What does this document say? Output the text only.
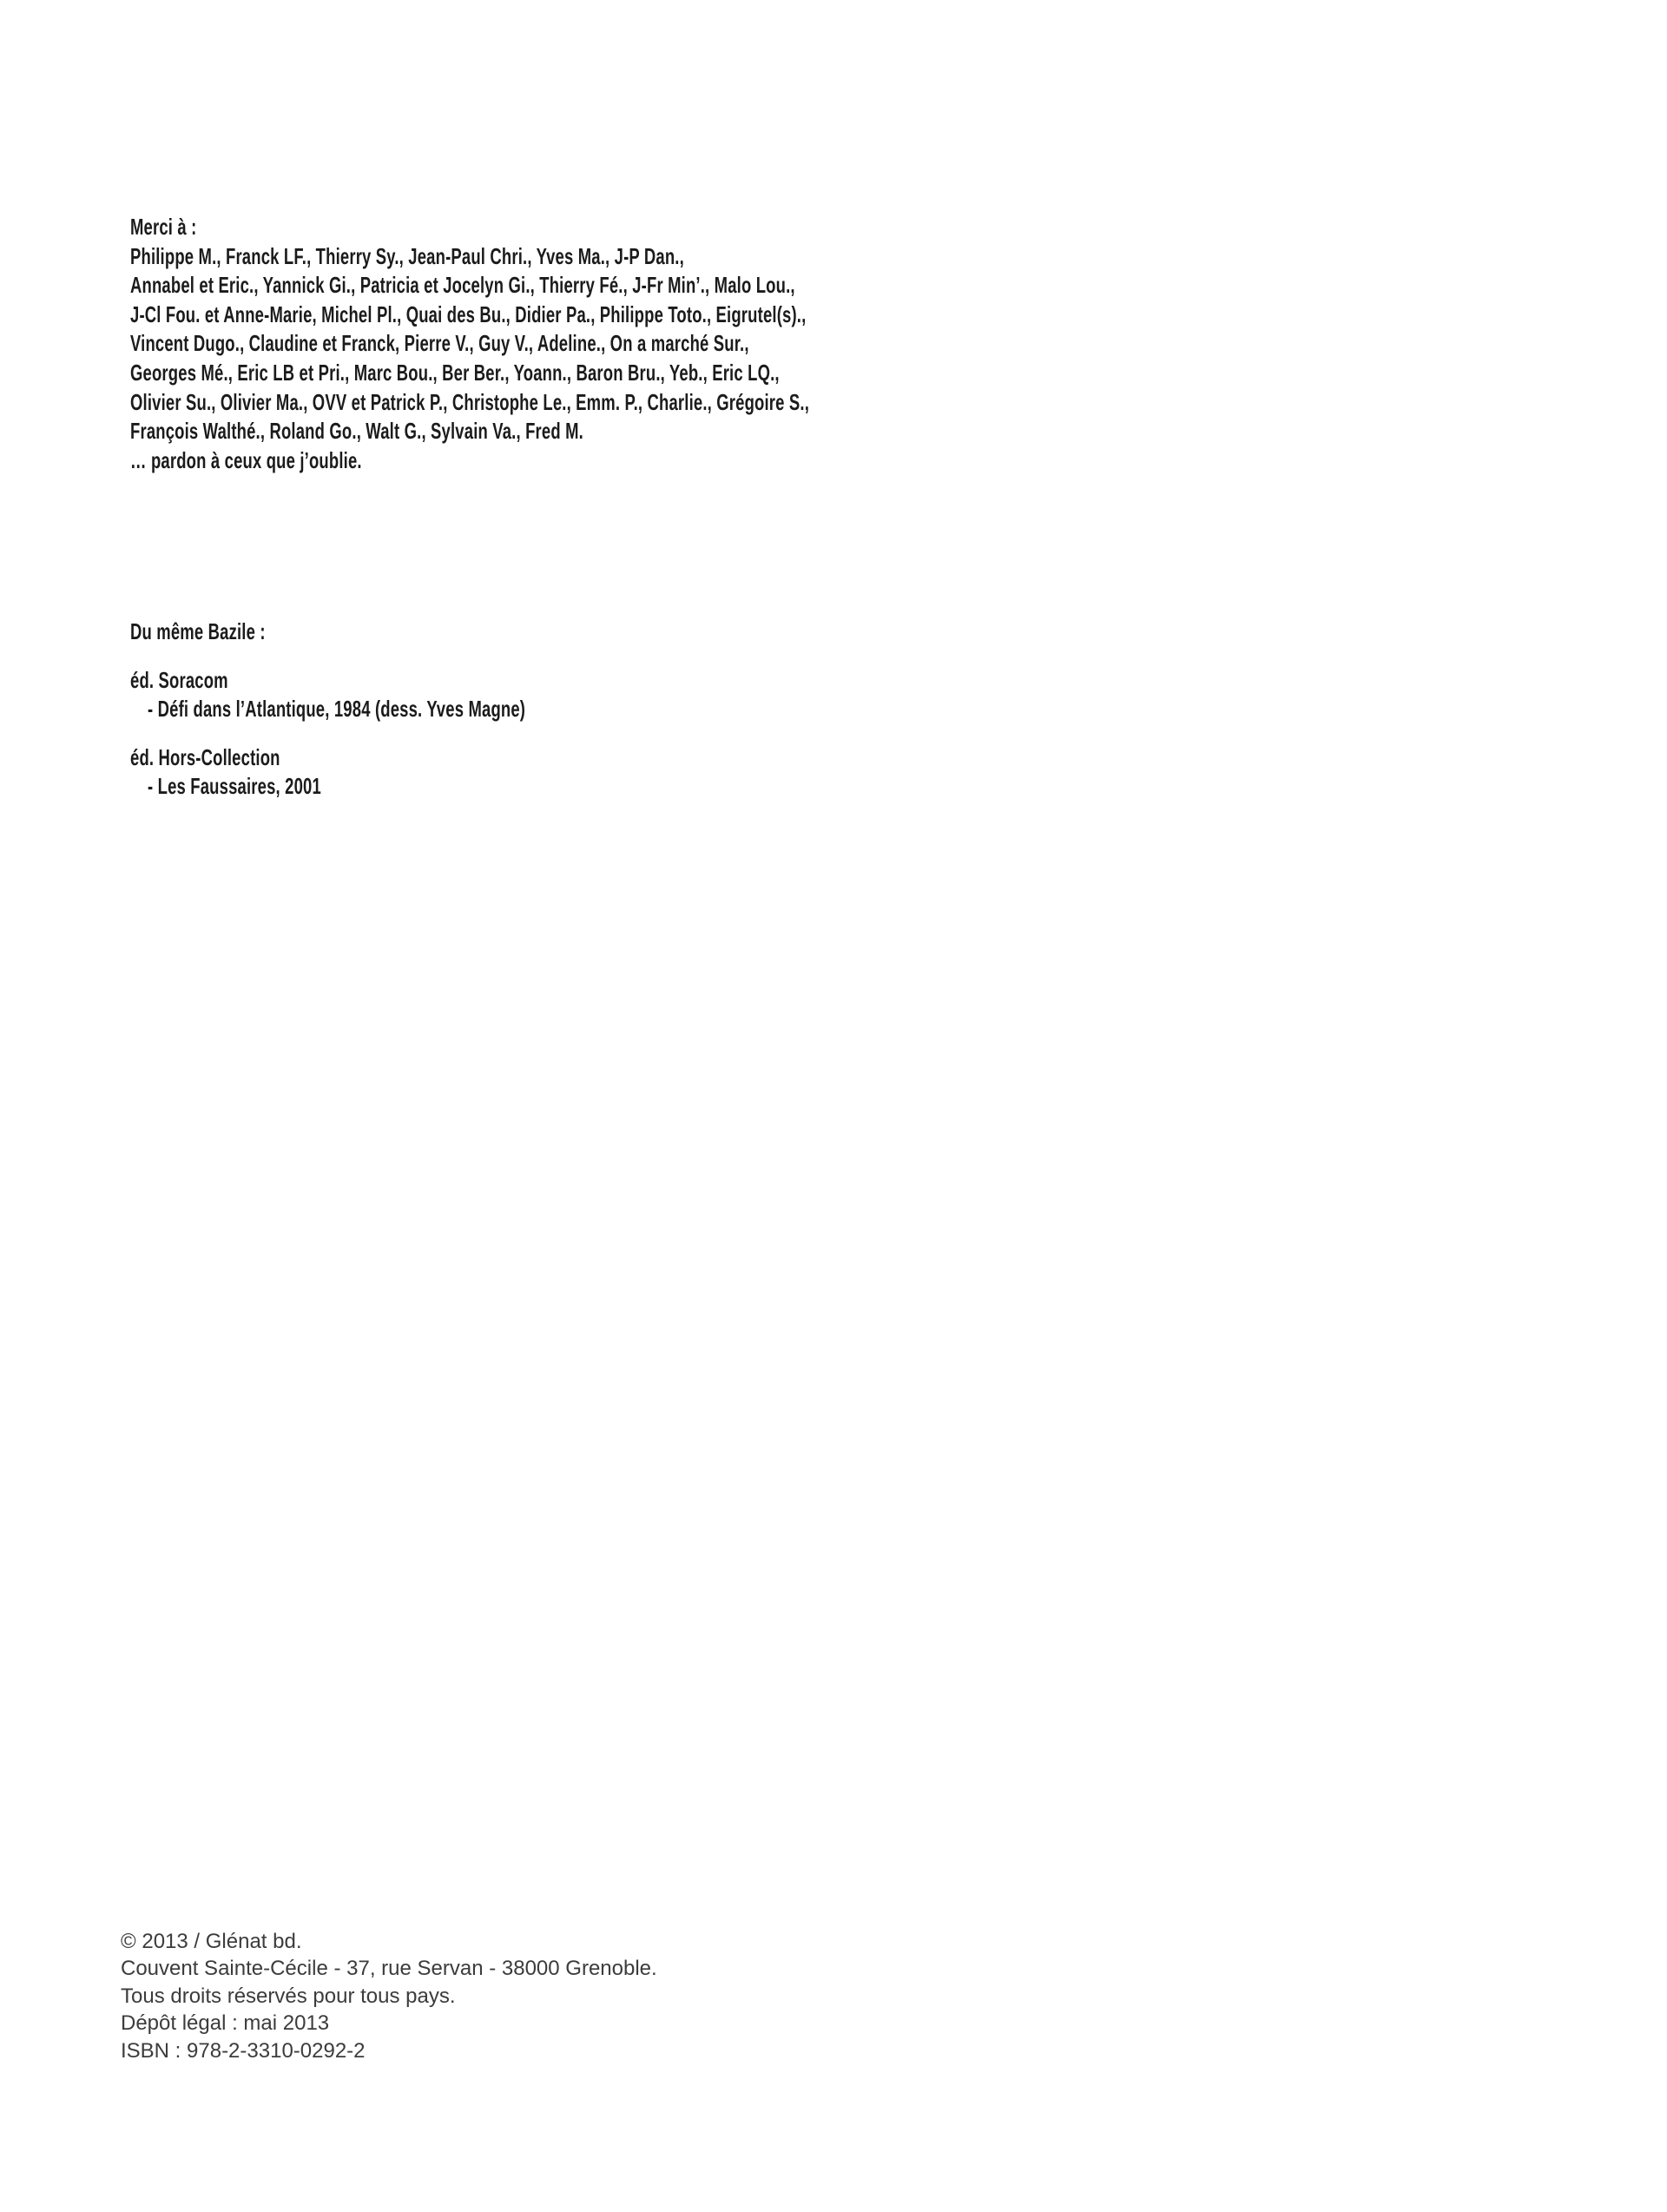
Merci à :
Philippe M., Franck LF., Thierry Sy., Jean-Paul Chri., Yves Ma., J-P Dan.,
Annabel et Eric., Yannick Gi., Patricia et Jocelyn Gi., Thierry Fé., J-Fr Min’., Malo Lou.,
J-Cl Fou. et Anne-Marie, Michel Pl., Quai des Bu., Didier Pa., Philippe Toto., Eigrutel(s).,
Vincent Dugo., Claudine et Franck, Pierre V., Guy V., Adeline., On a marché Sur.,
Georges Mé., Eric LB et Pri., Marc Bou., Ber Ber., Yoann., Baron Bru., Yeb., Eric LQ.,
Olivier Su., Olivier Ma., OVV et Patrick P., Christophe Le., Emm. P., Charlie., Grégoire S.,
François Walthé., Roland Go., Walt G., Sylvain Va., Fred M.
… pardon à ceux que j’oublie.
Du même Bazile :
éd. Soracom
- Défi dans l’Atlantique, 1984 (dess. Yves Magne)
éd. Hors-Collection
- Les Faussaires, 2001
© 2013 / Glénat bd.
Couvent Sainte-Cécile - 37, rue Servan - 38000 Grenoble.
Tous droits réservés pour tous pays.
Dépôt légal : mai 2013
ISBN : 978-2-3310-0292-2
